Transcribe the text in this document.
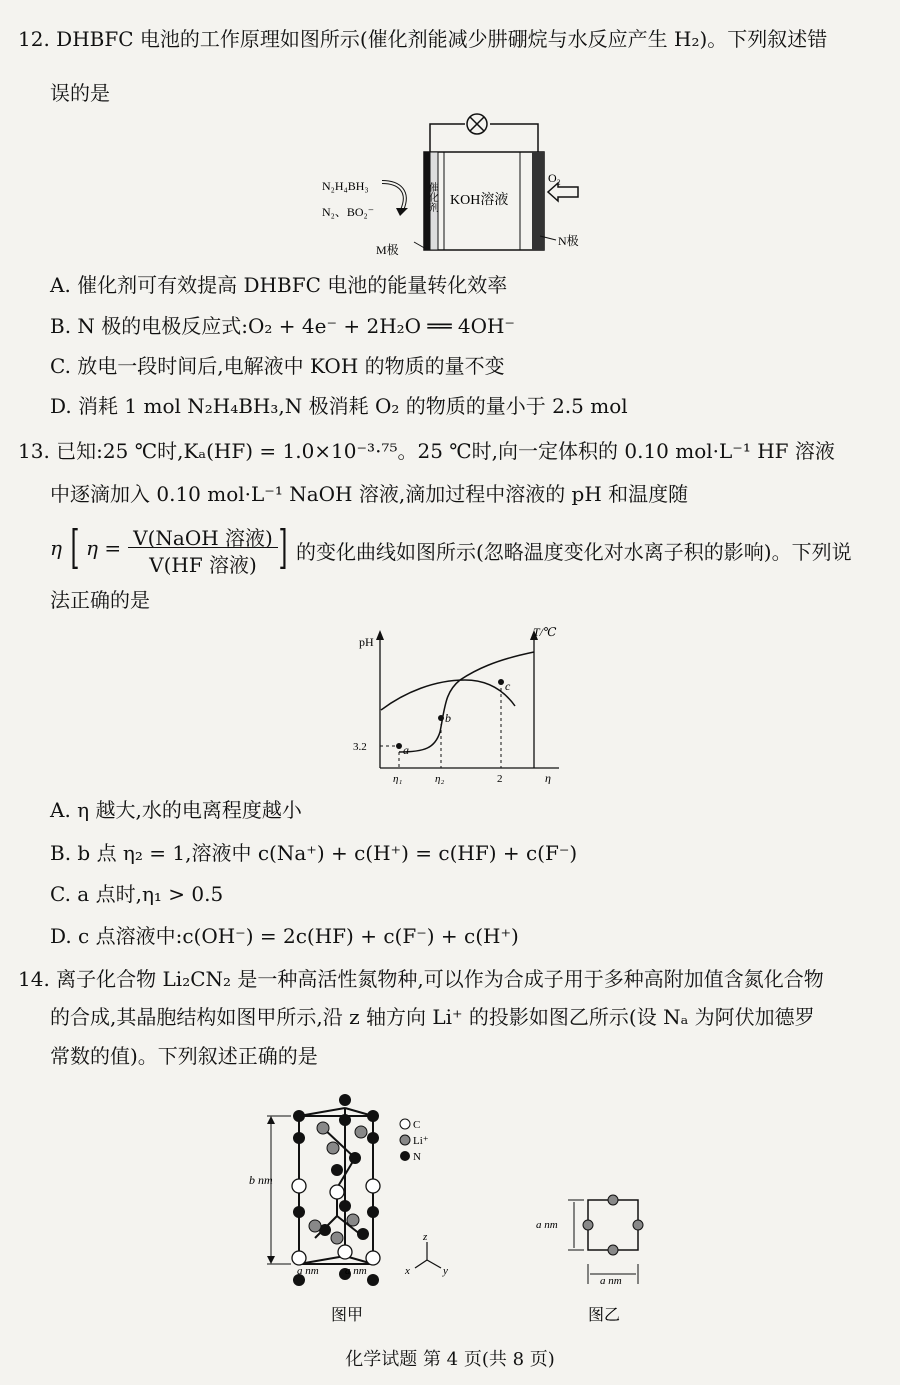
12. DHBFC 电池的工作原理如图所示(催化剂能减少肼硼烷与水反应产生 H₂)。下列叙述错
误的是
催化剂 KOH溶液
N₂H₄BH₃
N₂、BO₂⁻
O₂
M极
N极
A. 催化剂可有效提高 DHBFC 电池的能量转化效率
B. N 极的电极反应式:O₂ + 4e⁻ + 2H₂O ══ 4OH⁻
C. 放电一段时间后,电解液中 KOH 的物质的量不变
D. 消耗 1 mol N₂H₄BH₃,N 极消耗 O₂ 的物质的量小于 2.5 mol
13. 已知:25 ℃时,Kₐ(HF) = 1.0×10⁻³·⁷⁵。25 ℃时,向一定体积的 0.10 mol·L⁻¹ HF 溶液
中逐滴加入 0.10 mol·L⁻¹ NaOH 溶液,滴加过程中溶液的 pH 和温度随
η [ η = V(NaOH 溶液)
V(HF 溶液) ] 的变化曲线如图所示(忽略温度变化对水离子积的影响)。下列说
法正确的是
pH
T/℃
3.2	a
b
c
η₁	η₂	2	η
A. η 越大,水的电离程度越小
B. b 点 η₂ = 1,溶液中 c(Na⁺) + c(H⁺) = c(HF) + c(F⁻)
C. a 点时,η₁ > 0.5
D. c 点溶液中:c(OH⁻) = 2c(HF) + c(F⁻) + c(H⁺)
14. 离子化合物 Li₂CN₂ 是一种高活性氮物种,可以作为合成子用于多种高附加值含氮化合物
的合成,其晶胞结构如图甲所示,沿 z 轴方向 Li⁺ 的投影如图乙所示(设 Nₐ 为阿伏加德罗
常数的值)。下列叙述正确的是
b nm
a nm a nm
C
Li⁺
N
z
x	y
图甲
a nm
a nm
图乙
化学试题 第 4 页(共 8 页)
